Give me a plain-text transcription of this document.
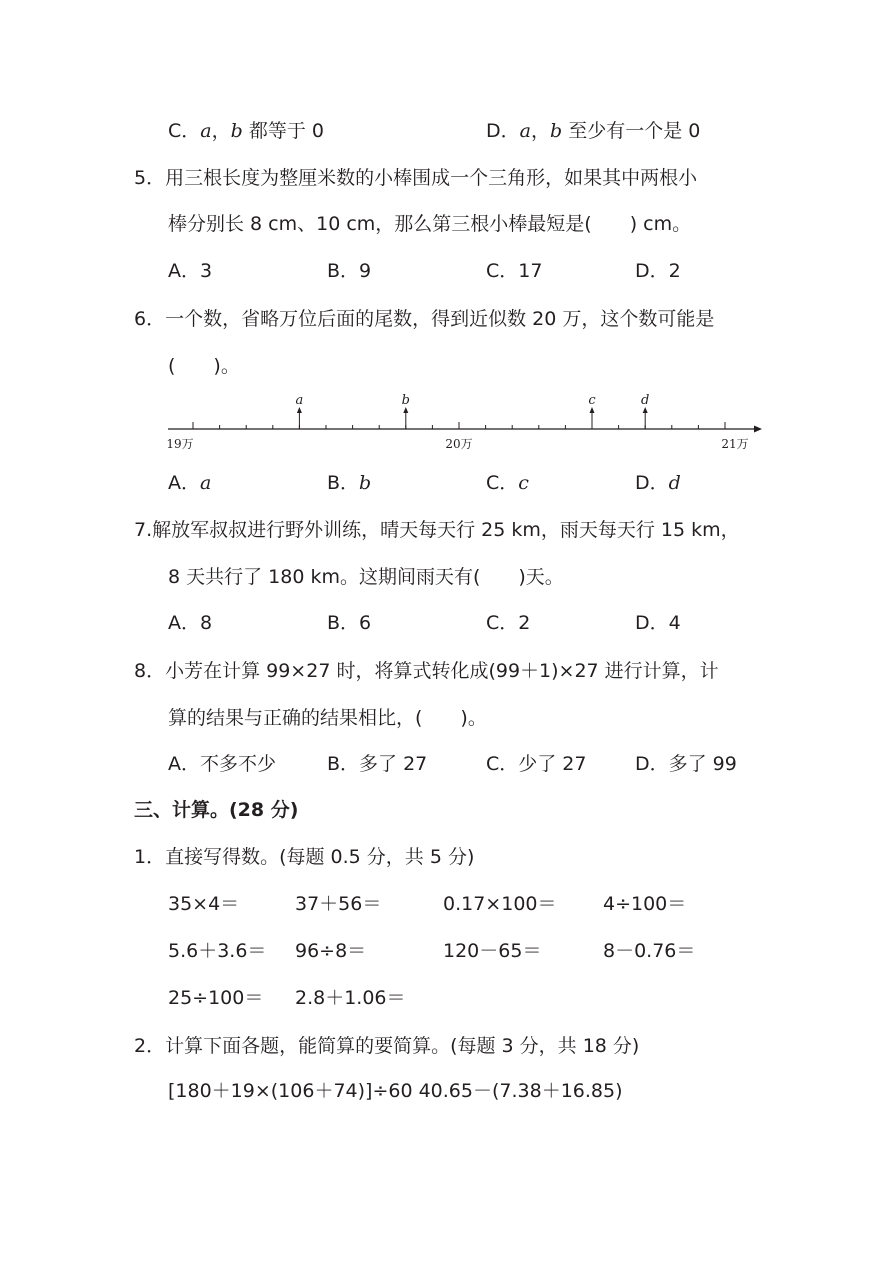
C．a，b 都等于 0	D．a，b 至少有一个是 0
5．用三根长度为整厘米数的小棒围成一个三角形，如果其中两根小
棒分别长 8 cm、10 cm，那么第三根小棒最短是(　　) cm。
A．3	B．9	C．17	D．2
6．一个数，省略万位后面的尾数，得到近似数 20 万，这个数可能是
(　　)。
a	b	c	d
19万	20万	21万
A．a	B．b	C．c	D．d
7.解放军叔叔进行野外训练，晴天每天行 25 km，雨天每天行 15 km，
8 天共行了 180 km。这期间雨天有(　　)天。
A．8	B．6	C．2	D．4
8．小芳在计算 99×27 时，将算式转化成(99＋1)×27 进行计算，计
算的结果与正确的结果相比，(　　)。
A．不多不少	B．多了 27	C．少了 27	D．多了 99
三、计算。(28 分)
1．直接写得数。(每题 0.5 分，共 5 分)
35×4＝	37＋56＝	0.17×100＝ 4÷100＝
5.6＋3.6＝ 96÷8＝	120－65＝	8－0.76＝
25÷100＝ 2.8＋1.06＝
2．计算下面各题，能简算的要简算。(每题 3 分，共 18 分)
[180＋19×(106＋74)]÷60 40.65－(7.38＋16.85)
